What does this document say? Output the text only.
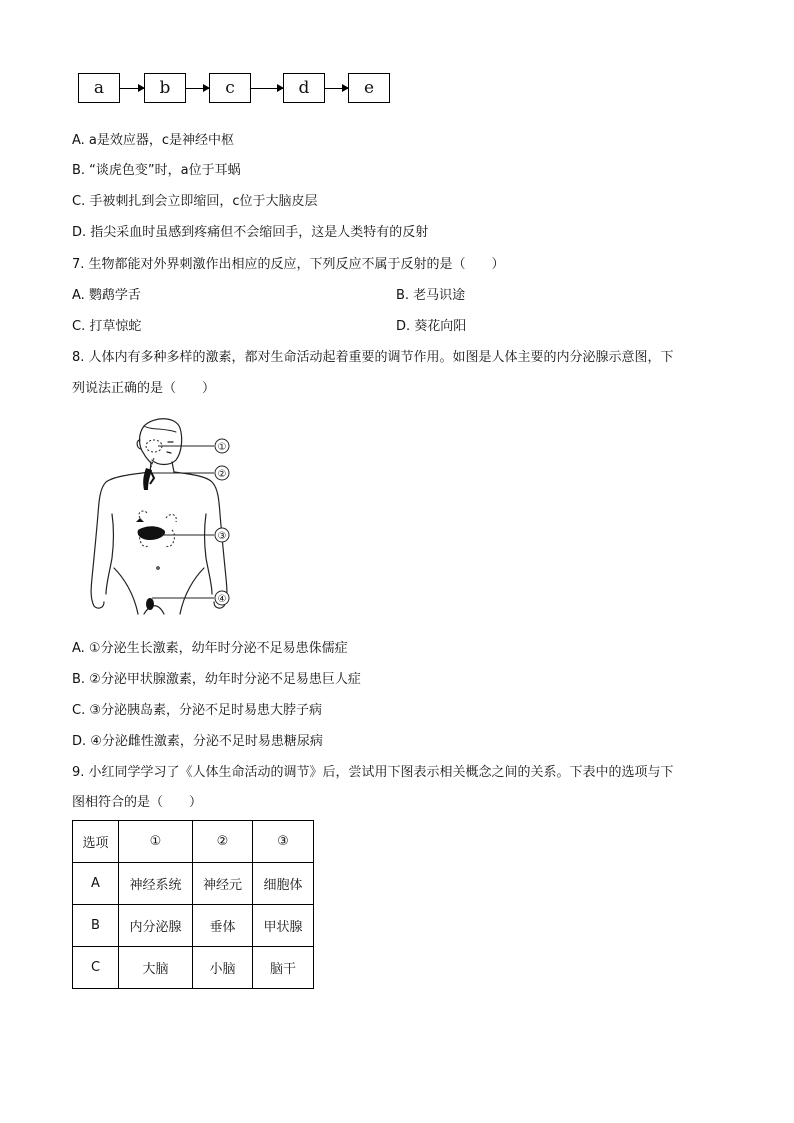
a	b	c	d	e
A. a是效应器，c是神经中枢
B. “谈虎色变”时，a位于耳蜗
C. 手被刺扎到会立即缩回，c位于大脑皮层
D. 指尖采血时虽感到疼痛但不会缩回手，这是人类特有的反射
7. 生物都能对外界刺激作出相应的反应，下列反应不属于反射的是（　　）
A. 鹦鹉学舌	B. 老马识途
C. 打草惊蛇	D. 葵花向阳
8. 人体内有多种多样的激素，都对生命活动起着重要的调节作用。如图是人体主要的内分泌腺示意图，下
列说法正确的是（　　）
①
②
③
④
A. ①分泌生长激素，幼年时分泌不足易患侏儒症
B. ②分泌甲状腺激素，幼年时分泌不足易患巨人症
C. ③分泌胰岛素，分泌不足时易患大脖子病
D. ④分泌雌性激素，分泌不足时易患糖尿病
9. 小红同学学习了《人体生命活动的调节》后，尝试用下图表示相关概念之间的关系。下表中的选项与下
图相符合的是（　　）
选项	①	②	③
A	神经系统	神经元	细胞体
B	内分泌腺	垂体	甲状腺
C	大脑	小脑	脑干
